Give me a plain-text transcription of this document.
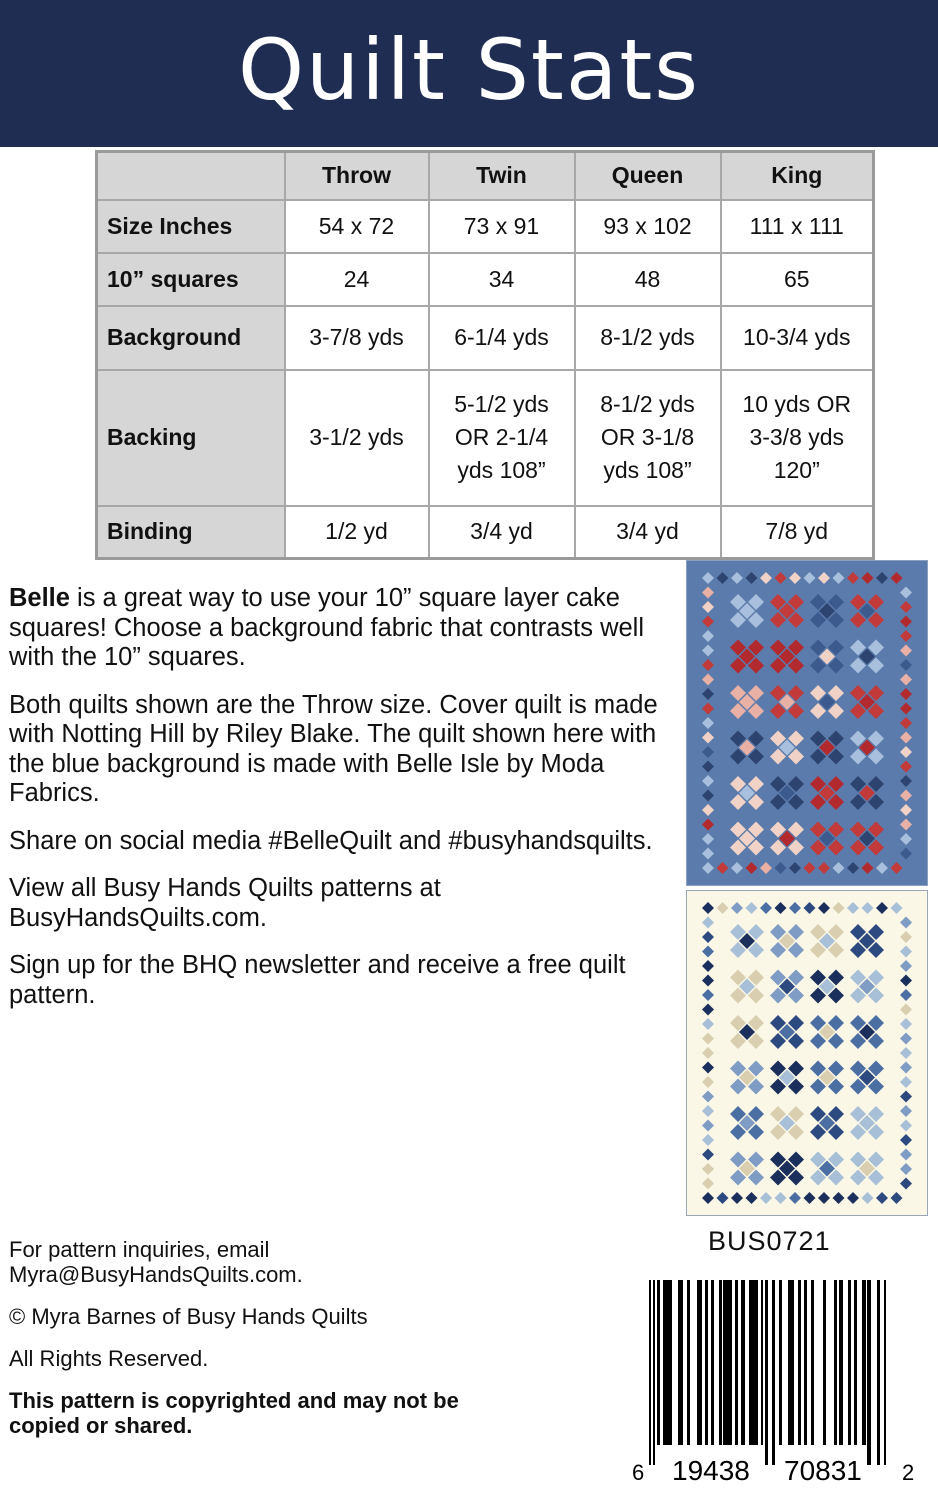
Quilt Stats
	Throw	Twin	Queen	King
Size Inches	54 x 72	73 x 91	93 x 102	111 x 111
10” squares	24	34	48	65
Background	3-7/8 yds	6-1/4 yds	8-1/2 yds	10-3/4 yds
Backing	3-1/2 yds	5-1/2 yds OR 2-1/4 yds 108”	8-1/2 yds OR 3-1/8 yds 108”	10 yds OR 3-3/8 yds 120”
Binding	1/2 yd	3/4 yd	3/4 yd	7/8 yd

Belle is a great way to use your 10” square layer cake squares! Choose a background fabric that contrasts well with the 10” squares.

Both quilts shown are the Throw size. Cover quilt is made with Notting Hill by Riley Blake. The quilt shown here with the blue background is made with Belle Isle by Moda Fabrics.

Share on social media #BelleQuilt and #busyhandsquilts.

View all Busy Hands Quilts patterns at BusyHandsQuilts.com.

Sign up for the BHQ newsletter and receive a free quilt pattern.

BUS0721

For pattern inquiries, email Myra@BusyHandsQuilts.com.

© Myra Barnes of Busy Hands Quilts

All Rights Reserved.

This pattern is copyrighted and may not be copied or shared.

6 19438 70831 2
